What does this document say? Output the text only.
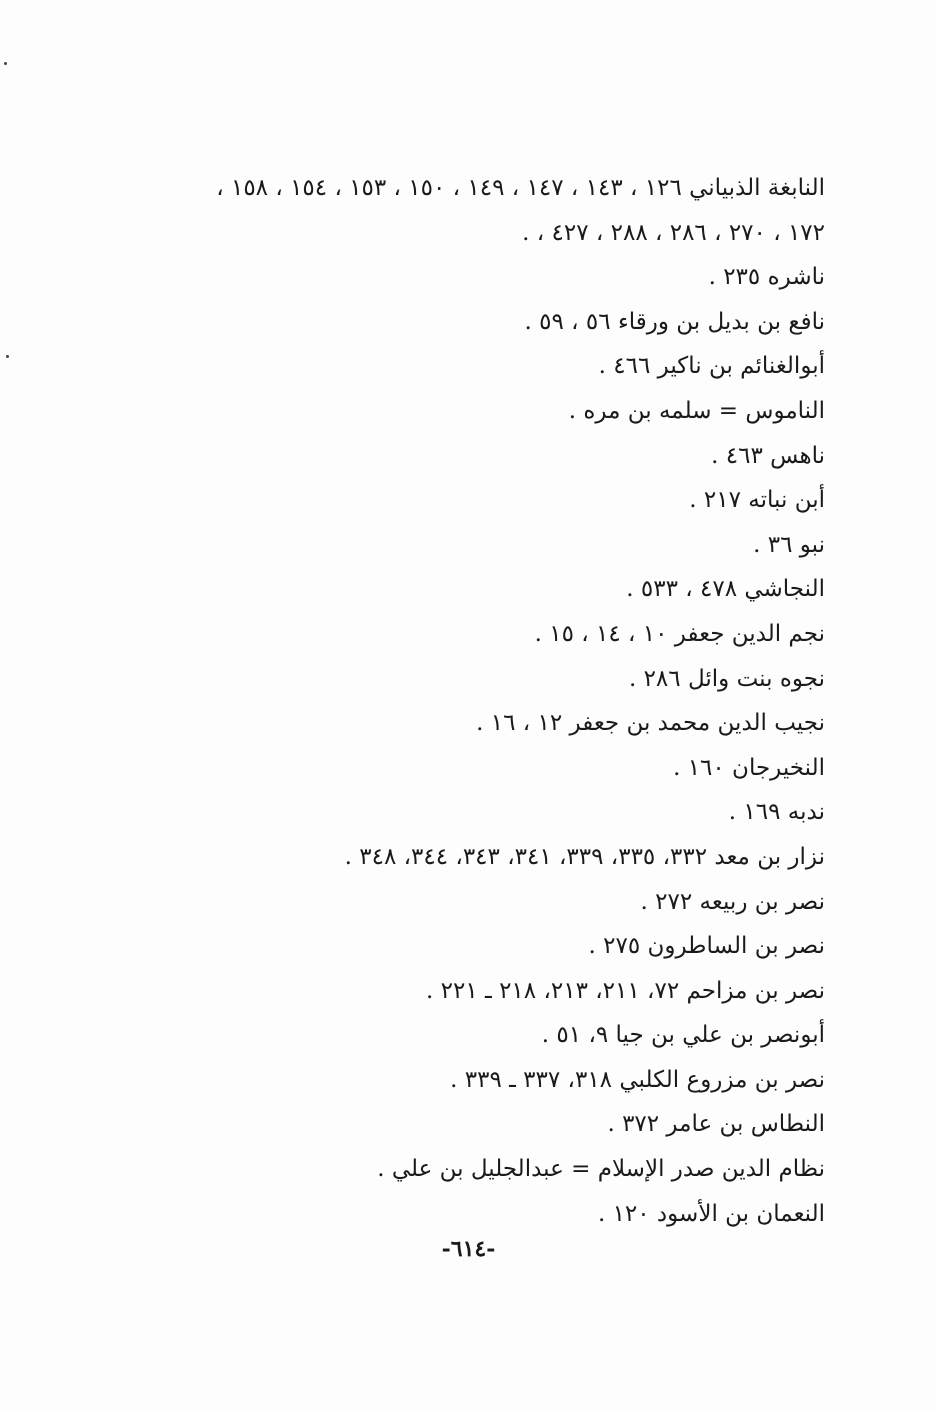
النابغة الذبياني ١٢٦ ، ١٤٣ ، ١٤٧ ، ١٤٩ ، ١٥٠ ، ١٥٣ ، ١٥٤ ، ١٥٨ ،
١٧٢ ، ٢٧٠ ، ٢٨٦ ، ٢٨٨ ، ٤٢٧ ، .
ناشره ٢٣٥ .
نافع بن بديل بن ورقاء ٥٦ ، ٥٩ .
أبوالغنائم بن ناكير ٤٦٦ .
الناموس = سلمه بن مره .
ناهس ٤٦٣ .
أبن نباته ٢١٧ .
نبو ٣٦ .
النجاشي ٤٧٨ ، ٥٣٣ .
نجم الدين جعفر ١٠ ، ١٤ ، ١٥ .
نجوه بنت وائل ٢٨٦ .
نجيب الدين محمد بن جعفر ١٢ ، ١٦ .
النخيرجان ١٦٠ .
ندبه ١٦٩ .
نزار بن معد ٣٣٢، ٣٣٥، ٣٣٩، ٣٤١، ٣٤٣، ٣٤٤، ٣٤٨ .
نصر بن ربيعه ٢٧٢ .
نصر بن الساطرون ٢٧٥ .
نصر بن مزاحم ٧٢، ٢١١، ٢١٣، ٢١٨ ـ ٢٢١ .
أبونصر بن علي بن جيا ٩، ٥١ .
نصر بن مزروع الكلبي ٣١٨، ٣٣٧ ـ ٣٣٩ .
النطاس بن عامر ٣٧٢ .
نظام الدين صدر الإسلام = عبدالجليل بن علي .
النعمان بن الأسود ١٢٠ .
-٦١٤-
